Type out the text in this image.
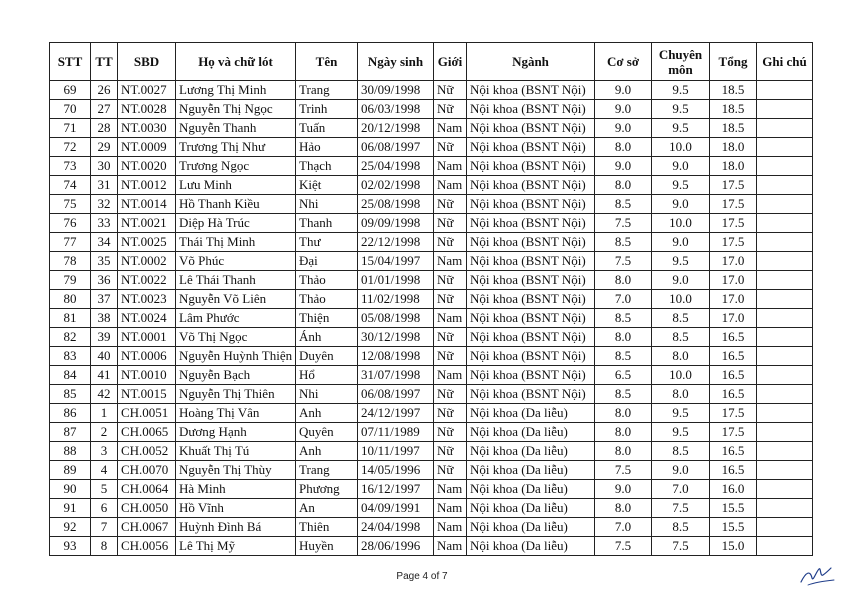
STT	TT	SBD	Họ và chữ lót	Tên	Ngày sinh	Giới	Ngành	Cơ sở	Chuyên môn	Tổng	Ghi chú
69	26	NT.0027	Lương Thị Minh	Trang	30/09/1998	Nữ	Nội khoa (BSNT Nội)	9.0	9.5	18.5	
70	27	NT.0028	Nguyễn Thị Ngọc	Trinh	06/03/1998	Nữ	Nội khoa (BSNT Nội)	9.0	9.5	18.5	
71	28	NT.0030	Nguyễn Thanh	Tuấn	20/12/1998	Nam	Nội khoa (BSNT Nội)	9.0	9.5	18.5	
72	29	NT.0009	Trương Thị Như	Hảo	06/08/1997	Nữ	Nội khoa (BSNT Nội)	8.0	10.0	18.0	
73	30	NT.0020	Trương Ngọc	Thạch	25/04/1998	Nam	Nội khoa (BSNT Nội)	9.0	9.0	18.0	
74	31	NT.0012	Lưu Minh	Kiệt	02/02/1998	Nam	Nội khoa (BSNT Nội)	8.0	9.5	17.5	
75	32	NT.0014	Hồ Thanh Kiều	Nhi	25/08/1998	Nữ	Nội khoa (BSNT Nội)	8.5	9.0	17.5	
76	33	NT.0021	Diệp Hà Trúc	Thanh	09/09/1998	Nữ	Nội khoa (BSNT Nội)	7.5	10.0	17.5	
77	34	NT.0025	Thái Thị Minh	Thư	22/12/1998	Nữ	Nội khoa (BSNT Nội)	8.5	9.0	17.5	
78	35	NT.0002	Võ Phúc	Đại	15/04/1997	Nam	Nội khoa (BSNT Nội)	7.5	9.5	17.0	
79	36	NT.0022	Lê Thái Thanh	Thảo	01/01/1998	Nữ	Nội khoa (BSNT Nội)	8.0	9.0	17.0	
80	37	NT.0023	Nguyễn Võ Liên	Thảo	11/02/1998	Nữ	Nội khoa (BSNT Nội)	7.0	10.0	17.0	
81	38	NT.0024	Lâm Phước	Thiện	05/08/1998	Nam	Nội khoa (BSNT Nội)	8.5	8.5	17.0	
82	39	NT.0001	Võ Thị Ngọc	Ánh	30/12/1998	Nữ	Nội khoa (BSNT Nội)	8.0	8.5	16.5	
83	40	NT.0006	Nguyễn Huỳnh Thiện	Duyên	12/08/1998	Nữ	Nội khoa (BSNT Nội)	8.5	8.0	16.5	
84	41	NT.0010	Nguyễn Bạch	Hổ	31/07/1998	Nam	Nội khoa (BSNT Nội)	6.5	10.0	16.5	
85	42	NT.0015	Nguyễn Thị Thiên	Nhi	06/08/1997	Nữ	Nội khoa (BSNT Nội)	8.5	8.0	16.5	
86	1	CH.0051	Hoàng Thị Vân	Anh	24/12/1997	Nữ	Nội khoa (Da liễu)	8.0	9.5	17.5	
87	2	CH.0065	Dương Hạnh	Quyên	07/11/1989	Nữ	Nội khoa (Da liễu)	8.0	9.5	17.5	
88	3	CH.0052	Khuất Thị Tú	Anh	10/11/1997	Nữ	Nội khoa (Da liễu)	8.0	8.5	16.5	
89	4	CH.0070	Nguyễn Thị Thùy	Trang	14/05/1996	Nữ	Nội khoa (Da liễu)	7.5	9.0	16.5	
90	5	CH.0064	Hà Minh	Phương	16/12/1997	Nam	Nội khoa (Da liễu)	9.0	7.0	16.0	
91	6	CH.0050	Hồ Vĩnh	An	04/09/1991	Nam	Nội khoa (Da liễu)	8.0	7.5	15.5	
92	7	CH.0067	Huỳnh Đình Bá	Thiên	24/04/1998	Nam	Nội khoa (Da liễu)	7.0	8.5	15.5	
93	8	CH.0056	Lê Thị Mỹ	Huyền	28/06/1996	Nam	Nội khoa (Da liễu)	7.5	7.5	15.0	
Page 4 of 7
